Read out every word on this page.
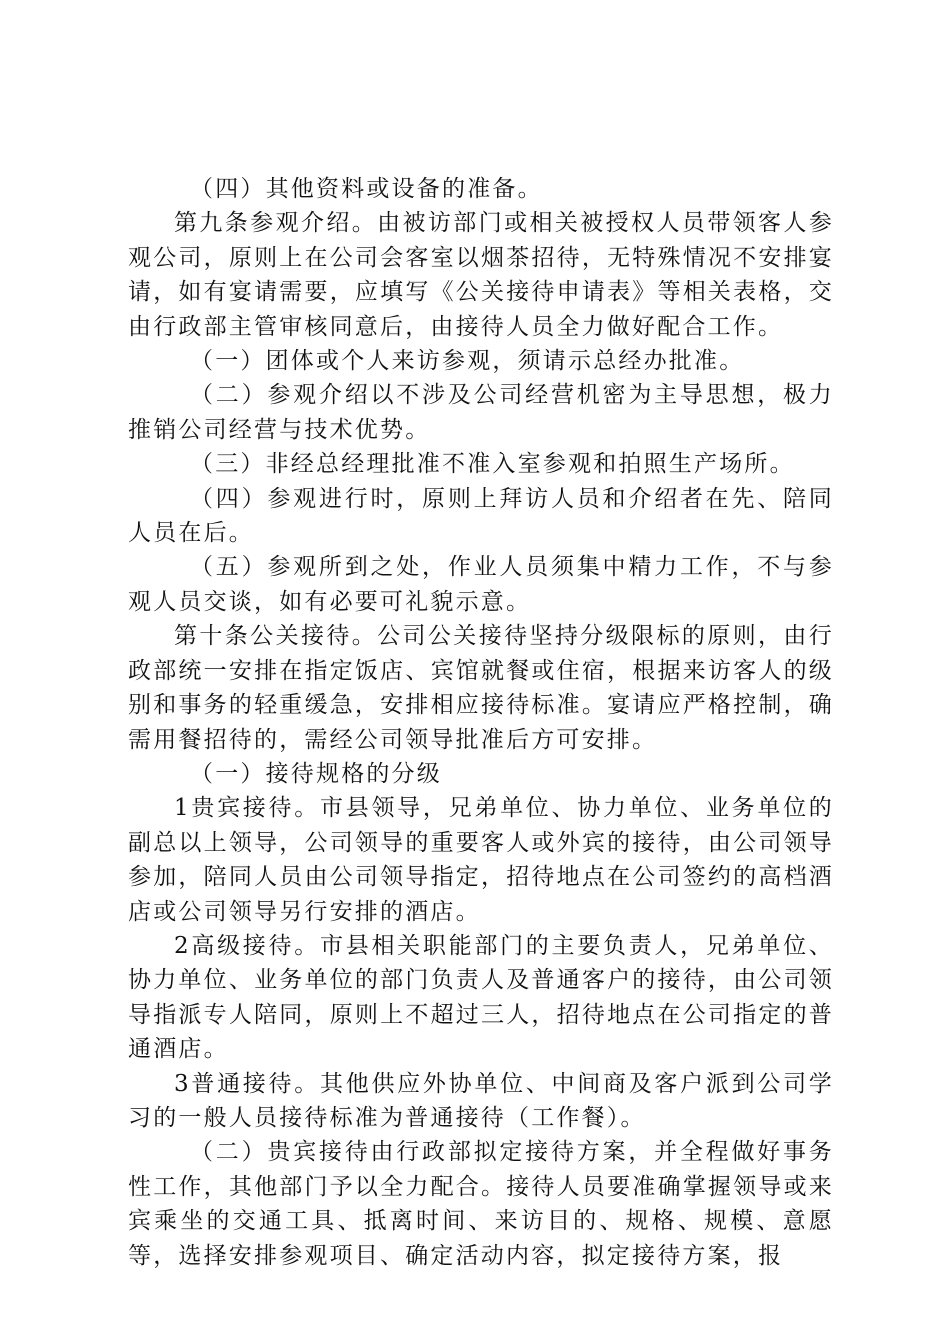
（四）其他资料或设备的准备。

第九条参观介绍。由被访部门或相关被授权人员带领客人参观公司，原则上在公司会客室以烟茶招待，无特殊情况不安排宴请，如有宴请需要，应填写《公关接待申请表》等相关表格，交由行政部主管审核同意后，由接待人员全力做好配合工作。

（一）团体或个人来访参观，须请示总经办批准。

（二）参观介绍以不涉及公司经营机密为主导思想，极力推销公司经营与技术优势。

（三）非经总经理批准不准入室参观和拍照生产场所。

（四）参观进行时，原则上拜访人员和介绍者在先、陪同人员在后。

（五）参观所到之处，作业人员须集中精力工作，不与参观人员交谈，如有必要可礼貌示意。

第十条公关接待。公司公关接待坚持分级限标的原则，由行政部统一安排在指定饭店、宾馆就餐或住宿，根据来访客人的级别和事务的轻重缓急，安排相应接待标准。宴请应严格控制，确需用餐招待的，需经公司领导批准后方可安排。

（一）接待规格的分级

1贵宾接待。市县领导，兄弟单位、协力单位、业务单位的副总以上领导，公司领导的重要客人或外宾的接待，由公司领导参加，陪同人员由公司领导指定，招待地点在公司签约的高档酒店或公司领导另行安排的酒店。

2高级接待。市县相关职能部门的主要负责人，兄弟单位、协力单位、业务单位的部门负责人及普通客户的接待，由公司领导指派专人陪同，原则上不超过三人，招待地点在公司指定的普通酒店。

3普通接待。其他供应外协单位、中间商及客户派到公司学习的一般人员接待标准为普通接待（工作餐）。

（二）贵宾接待由行政部拟定接待方案，并全程做好事务性工作，其他部门予以全力配合。接待人员要准确掌握领导或来宾乘坐的交通工具、抵离时间、来访目的、规格、规模、意愿等，选择安排参观项目、确定活动内容，拟定接待方案，报
